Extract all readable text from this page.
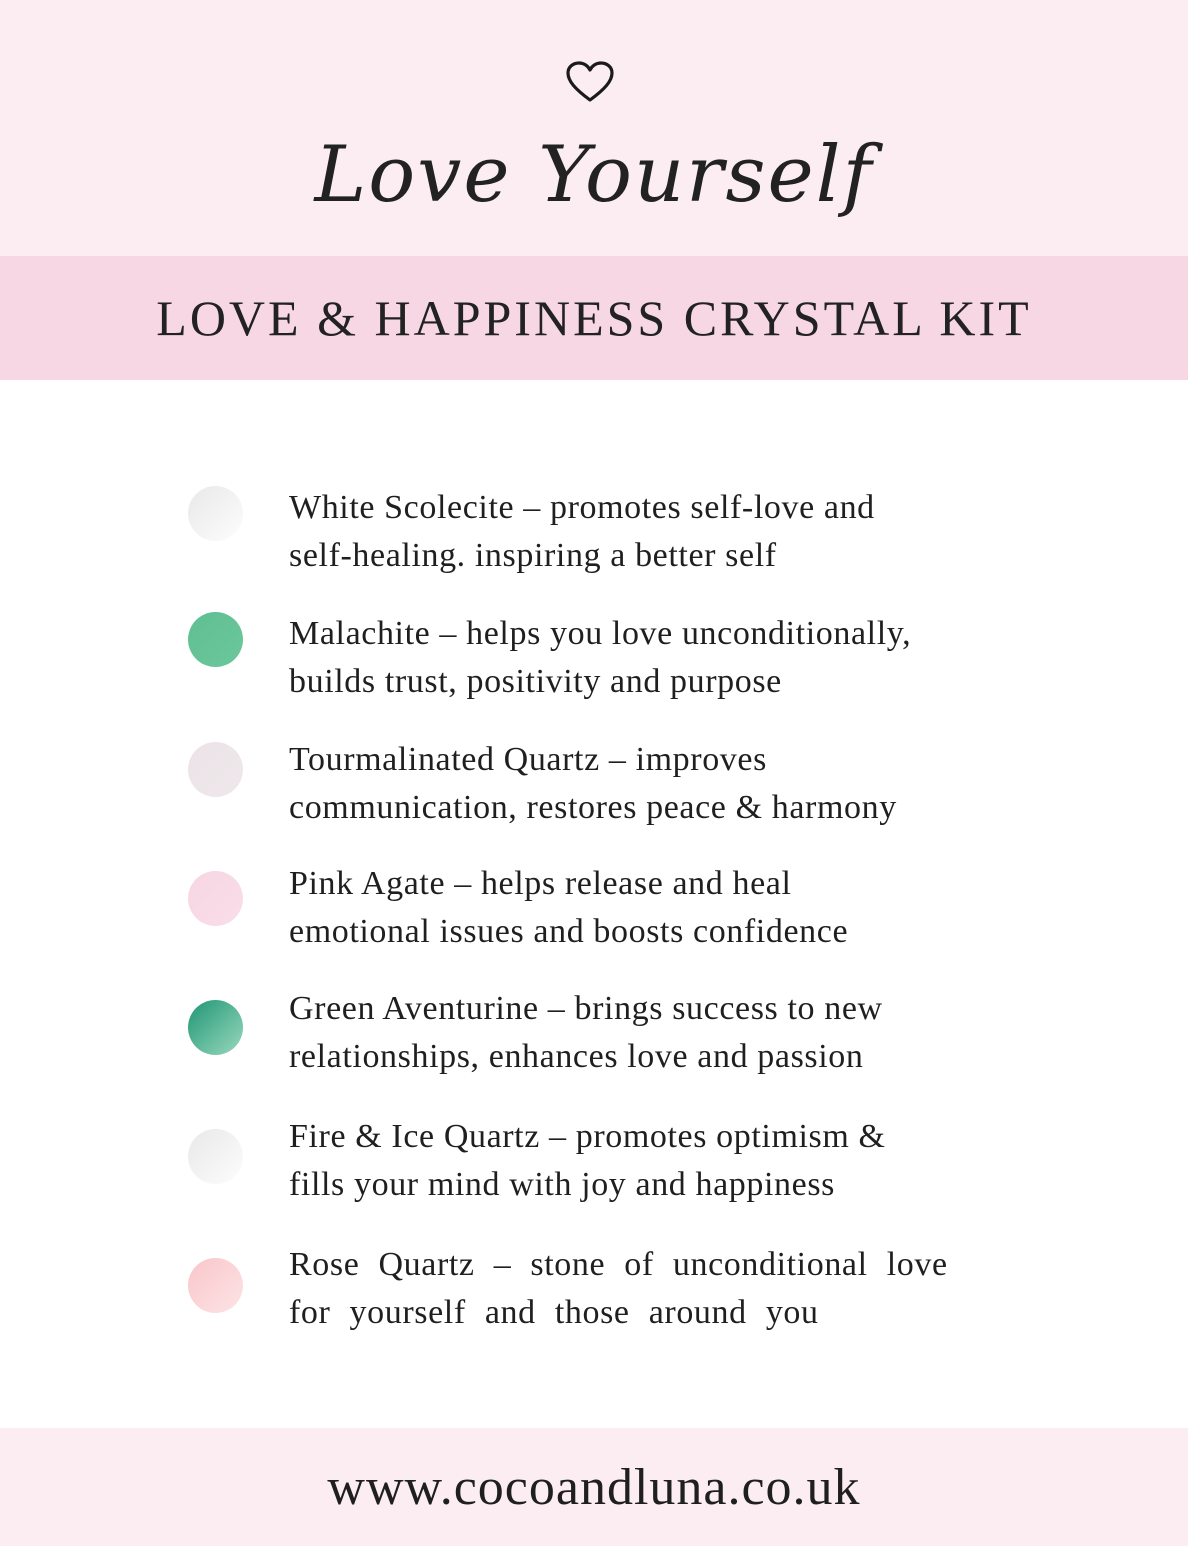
Love Yourself
LOVE & HAPPINESS CRYSTAL KIT

White Scolecite – promotes self-love and
self-healing. inspiring a better self

Malachite – helps you love unconditionally,
builds trust, positivity and purpose

Tourmalinated Quartz – improves
communication, restores peace & harmony

Pink Agate – helps release and heal
emotional issues and boosts confidence

Green Aventurine – brings success to new
relationships, enhances love and passion

Fire & Ice Quartz – promotes optimism &
fills your mind with joy and happiness

Rose Quartz – stone of unconditional love
for yourself and those around you

www.cocoandluna.co.uk
